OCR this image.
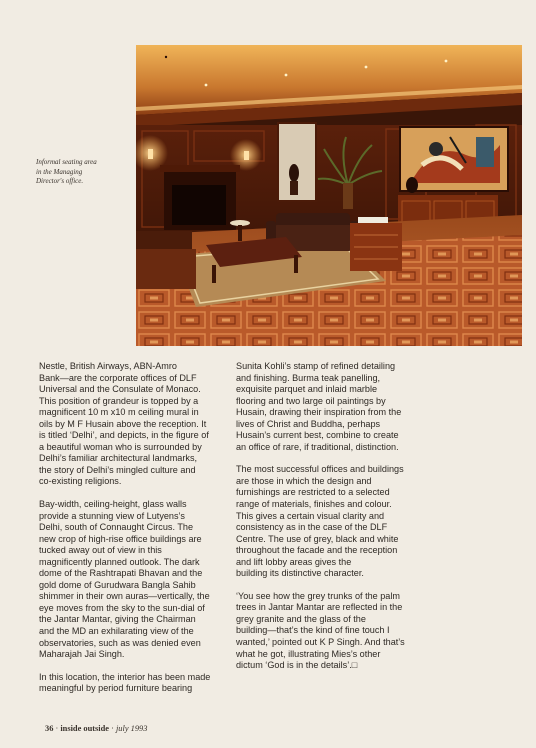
Informal seating area
in the Managing
Director's office.

Nestle, British Airways, ABN-Amro
Bank—are the corporate offices of DLF
Universal and the Consulate of Monaco.
This position of grandeur is topped by a
magnificent 10 m x10 m ceiling mural in
oils by M F Husain above the reception. It
is titled ‘Delhi’, and depicts, in the figure of
a beautiful woman who is surrounded by
Delhi’s familiar architectural landmarks,
the story of Delhi’s mingled culture and
co-existing religions.

Bay-width, ceiling-height, glass walls
provide a stunning view of Lutyens’s
Delhi, south of Connaught Circus. The
new crop of high-rise office buildings are
tucked away out of view in this
magnificently planned outlook. The dark
dome of the Rashtrapati Bhavan and the
gold dome of Gurudwara Bangla Sahib
shimmer in their own auras—vertically, the
eye moves from the sky to the sun-dial of
the Jantar Mantar, giving the Chairman
and the MD an exhilarating view of the
observatories, such as was denied even
Maharajah Jai Singh.

In this location, the interior has been made
meaningful by period furniture bearing

Sunita Kohli’s stamp of refined detailing
and finishing. Burma teak panelling,
exquisite parquet and inlaid marble
flooring and two large oil paintings by
Husain, drawing their inspiration from the
lives of Christ and Buddha, perhaps
Husain’s current best, combine to create
an office of rare, if traditional, distinction.

The most successful offices and buildings
are those in which the design and
furnishings are restricted to a selected
range of materials, finishes and colour.
This gives a certain visual clarity and
consistency as in the case of the DLF
Centre. The use of grey, black and white
throughout the facade and the reception
and lift lobby areas gives the
building its distinctive character.

‘You see how the grey trunks of the palm
trees in Jantar Mantar are reflected in the
grey granite and the glass of the
building—that’s the kind of fine touch I
wanted,’ pointed out K P Singh. And that’s
what he got, illustrating Mies’s other
dictum ‘God is in the details’.□

36 · inside outside · july 1993
